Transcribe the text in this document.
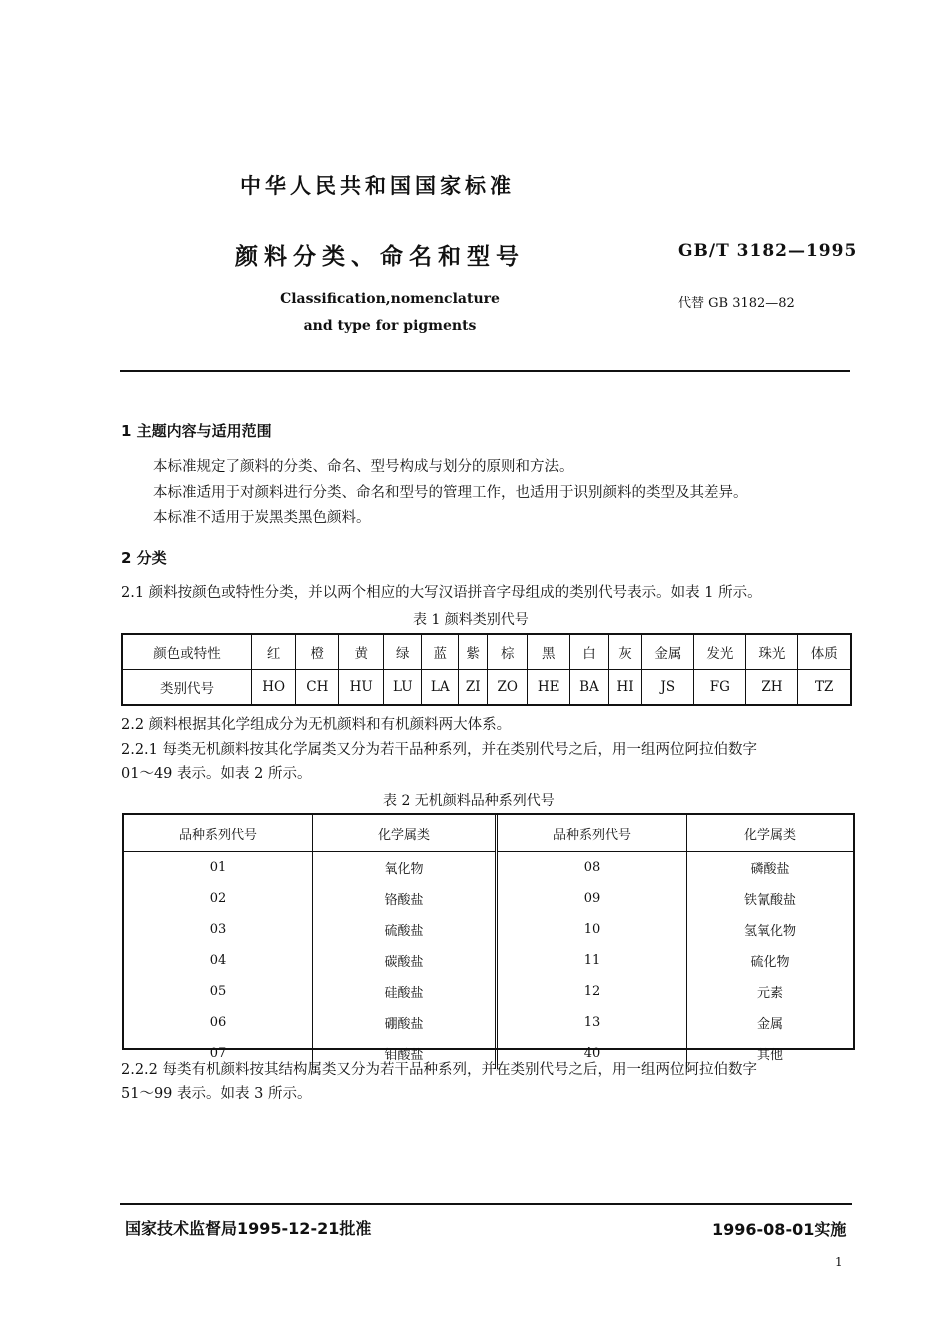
中华人民共和国国家标准
颜料分类、命名和型号	GB/T 3182—1995
Classification,nomenclature
and type for pigments
代替 GB 3182—82
1 主题内容与适用范围
本标准规定了颜料的分类、命名、型号构成与划分的原则和方法。
本标准适用于对颜料进行分类、命名和型号的管理工作，也适用于识别颜料的类型及其差异。
本标准不适用于炭黑类黑色颜料。
2 分类
2.1 颜料按颜色或特性分类，并以两个相应的大写汉语拼音字母组成的类别代号表示。如表 1 所示。
表 1 颜料类别代号
颜色或特性	红	橙	黄	绿	蓝	紫	棕	黑	白	灰	金属	发光	珠光	体质
类别代号	HO	CH	HU	LU	LA	ZI	ZO	HE	BA	HI	JS	FG	ZH	TZ
2.2 颜料根据其化学组成分为无机颜料和有机颜料两大体系。
2.2.1 每类无机颜料按其化学属类又分为若干品种系列，并在类别代号之后，用一组两位阿拉伯数字
01～49 表示。如表 2 所示。
表 2 无机颜料品种系列代号
品种系列代号	化学属类	品种系列代号	化学属类
01	氧化物	08	磷酸盐
02	铬酸盐	09	铁氰酸盐
03	硫酸盐	10	氢氧化物
04	碳酸盐	11	硫化物
05	硅酸盐	12	元素
06	硼酸盐	13	金属
07	钼酸盐	40	其他
2.2.2 每类有机颜料按其结构属类又分为若干品种系列，并在类别代号之后，用一组两位阿拉伯数字
51～99 表示。如表 3 所示。
国家技术监督局1995-12-21批准	1996-08-01实施
1
